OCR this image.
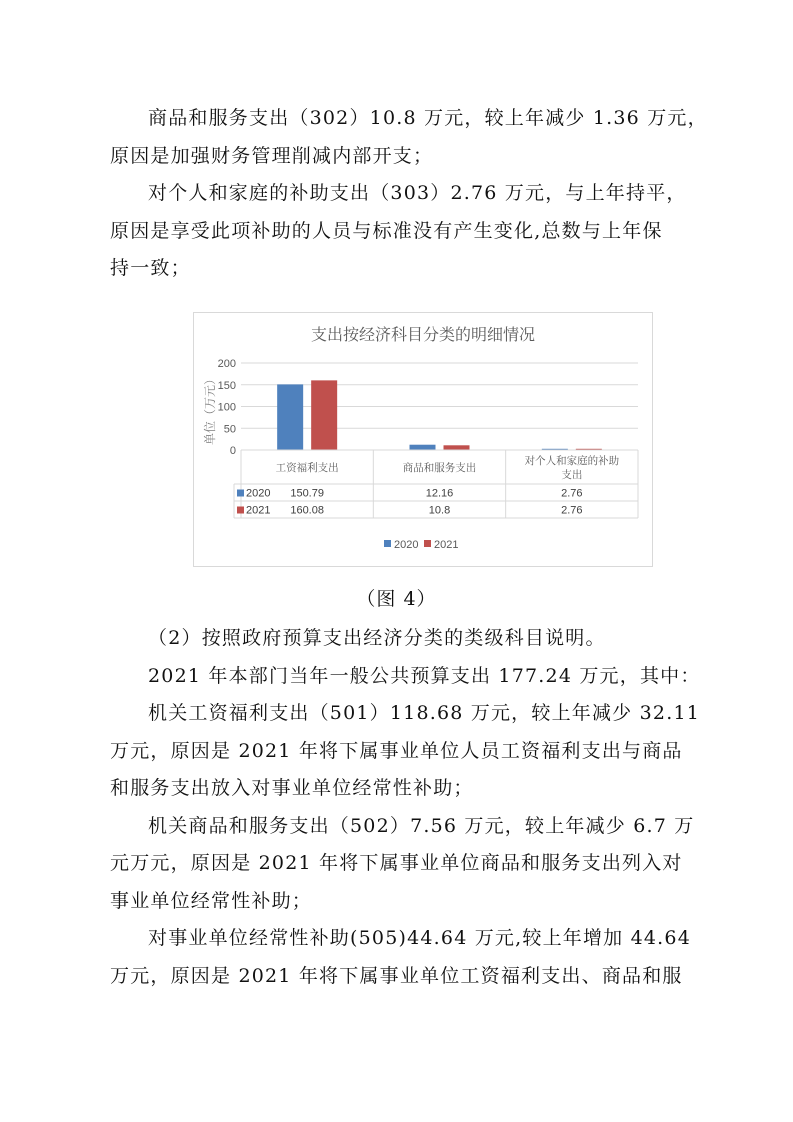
商品和服务支出（302）10.8 万元，较上年减少 1.36 万元，
原因是加强财务管理削减内部开支；
对个人和家庭的补助支出（303）2.76 万元，与上年持平，
原因是享受此项补助的人员与标准没有产生变化,总数与上年保
持一致；
支出按经济科目分类的明细情况
单位（万元）
0
50
100
150
200
工资福利支出	商品和服务支出
对个人和家庭的补助
支出
2020 150.79	12.16	2.76
2021 160.08	10.8	2.76
2020 2021
（图 4）
（2）按照政府预算支出经济分类的类级科目说明。
2021 年本部门当年一般公共预算支出 177.24 万元，其中：
机关工资福利支出（501）118.68 万元，较上年减少 32.11
万元，原因是 2021 年将下属事业单位人员工资福利支出与商品
和服务支出放入对事业单位经常性补助；
机关商品和服务支出（502）7.56 万元，较上年减少 6.7 万
元万元，原因是 2021 年将下属事业单位商品和服务支出列入对
事业单位经常性补助；
对事业单位经常性补助(505)44.64 万元,较上年增加 44.64
万元，原因是 2021 年将下属事业单位工资福利支出、商品和服
